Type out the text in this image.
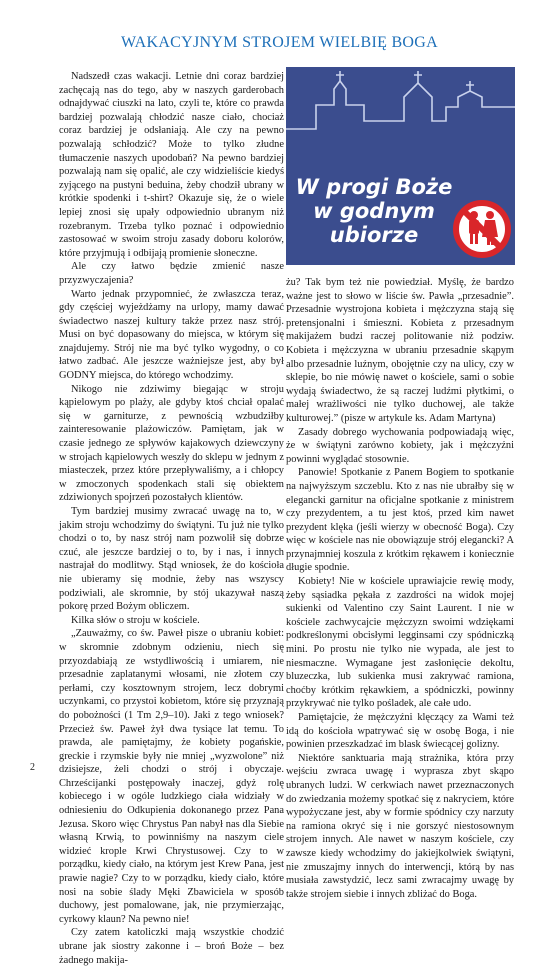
WAKACYJNYM STROJEM WIELBIĘ BOGA
W progi Boże
w godnym
ubiorze

Nadszedł czas wakacji. Letnie dni coraz bardziej zachęcają nas do tego, aby w naszych garderobach odnajdywać ciuszki na lato, czyli te, które co prawda bardziej pozwalają chłodzić nasze ciało, chociaż coraz bardziej je odsłaniają. Ale czy na pewno pozwalają schłodzić? Może to tylko złudne tłumaczenie naszych upodobań? Na pewno bardziej pozwalają nam się opalić, ale czy widzieliście kiedyś zyjącego na pustyni beduina, żeby chodził ubrany w krótkie spodenki i t-shirt? Okazuje się, że o wiele lepiej znosi się upały odpowiednio ubranym niż rozebranym. Trzeba tylko poznać i odpowiednio zastosować w swoim stroju zasady doboru kolorów, które przyjmują i odbijają promienie słoneczne.

Ale czy łatwo będzie zmienić nasze przyzwyczajenia?

Warto jednak przypomnieć, że zwłaszcza teraz, gdy częściej wyjeżdżamy na urlopy, mamy dawać świadectwo naszej kultury także przez nasz strój. Musi on być dopasowany do miejsca, w którym się znajdujemy. Strój nie ma być tylko wygodny, o co łatwo zadbać. Ale jeszcze ważniejsze jest, aby był GODNY miejsca, do którego wchodzimy.

Nikogo nie zdziwimy biegając w stroju kąpielowym po plaży, ale gdyby ktoś chciał opalać się w garniturze, z pewnością wzbudziłby zainteresowanie plażowiczów. Pamiętam, jak w czasie jednego ze spływów kajakowych dziewczyny w strojach kąpielowych weszły do sklepu w jednym z miasteczek, przez które przepływaliśmy, a i chłopcy w zmoczonych spodenkach stali się obiektem zdziwionych spojrzeń pozostałych klientów.

Tym bardziej musimy zwracać uwagę na to, w jakim stroju wchodzimy do świątyni. Tu już nie tylko chodzi o to, by nasz strój nam pozwolił się dobrze czuć, ale jeszcze bardziej o to, by i nas, i innych nastrajał do modlitwy. Stąd wniosek, że do kościoła nie ubieramy się modnie, żeby nas wszyscy podziwiali, ale skromnie, by stój ukazywał naszą pokorę przed Bożym obliczem.

Kilka słów o stroju w kościele.

„Zauważmy, co św. Paweł pisze o ubraniu kobiet: w skromnie zdobnym odzieniu, niech się przyozdabiają ze wstydliwością i umiarem, nie przesadnie zaplatanymi włosami, nie złotem czy perłami, czy kosztownym strojem, lecz dobrymi uczynkami, co przystoi kobietom, które się przyznają do pobożności (1 Tm 2,9–10). Jaki z tego wniosek? Przecież św. Paweł żył dwa tysiące lat temu. To prawda, ale pamiętajmy, że kobiety pogańskie, greckie i rzymskie były nie mniej „wyzwolone” niż dzisiejsze, żeli chodzi o strój i obyczaje. Chrześcijanki postępowały inaczej, gdyż rolę kobiecego i w ogóle ludzkiego ciała widziały w odniesieniu do Odkupienia dokonanego przez Pana Jezusa. Skoro więc Chrystus Pan nabył nas dla Siebie własną Krwią, to powinniśmy na naszym ciele widzieć krople Krwi Chrystusowej. Czy to w porządku, kiedy ciało, na którym jest Krew Pana, jest prawie nagie? Czy to w porządku, kiedy ciało, które nosi na sobie ślady Męki Zbawiciela w sposób duchowy, jest pomalowane, jak, nie przymierzając, cyrkowy klaun? Na pewno nie!

Czy zatem katoliczki mają wszystkie chodzić ubrane jak siostry zakonne i – broń Boże – bez żadnego makija-

żu? Tak bym też nie powiedział. Myślę, że bardzo ważne jest to słowo w liście św. Pawła „przesadnie”. Przesadnie wystrojona kobieta i mężczyzna stają się pretensjonalni i śmieszni. Kobieta z przesadnym makijażem budzi raczej politowanie niż podziw. Kobieta i mężczyzna w ubraniu przesadnie skąpym albo przesadnie luźnym, obojętnie czy na ulicy, czy w sklepie, bo nie mówię nawet o kościele, sami o sobie wydają świadectwo, że są raczej ludźmi płytkimi, o małej wrażliwości nie tylko duchowej, ale także kulturowej.” (pisze w artykule ks. Adam Martyna)

Zasady dobrego wychowania podpowiadają więc, że w świątyni zarówno kobiety, jak i mężczyźni powinni wyglądać stosownie.

Panowie! Spotkanie z Panem Bogiem to spotkanie na najwyższym szczeblu. Kto z nas nie ubrałby się w elegancki garnitur na oficjalne spotkanie z ministrem czy prezydentem, a tu jest ktoś, przed kim nawet prezydent klęka (jeśli wierzy w obecność Boga). Czy więc w kościele nas nie obowiązuje strój elegancki? A przynajmniej koszula z krótkim rękawem i koniecznie długie spodnie.

Kobiety! Nie w kościele uprawiajcie rewię mody, żeby sąsiadka pękała z zazdrości na widok mojej sukienki od Valentino czy Saint Laurent. I nie w kościele zachwycajcie mężczyzn swoimi wdziękami podkreślonymi obcisłymi legginsami czy spódniczką mini. Po prostu nie tylko nie wypada, ale jest to niesmaczne. Wymagane jest zasłonięcie dekoltu, bluzeczka, lub sukienka musi zakrywać ramiona, choćby krótkim rękawkiem, a spódniczki, powinny przykrywać nie tylko pośladek, ale całe udo.

Pamiętajcie, że mężczyźni klęczący za Wami też idą do kościoła wpatrywać się w osobę Boga, i nie powinien przeszkadzać im blask świecącej golizny.

Niektóre sanktuaria mają strażnika, która przy wejściu zwraca uwagę i wyprasza zbyt skąpo ubranych ludzi. W cerkwiach nawet przeznaczonych do zwiedzania możemy spotkać się z nakryciem, które wypożyczane jest, aby w formie spódnicy czy narzuty na ramiona okryć się i nie gorszyć niestosownym strojem innych. Ale nawet w naszym kościele, czy zawsze kiedy wchodzimy do jakiejkolwiek świątyni, nie zmuszajmy innych do interwencji, którą by nas musiała zawstydzić, lecz sami zwracajmy uwagę by także strojem siebie i innych zbliżać do Boga.

2
